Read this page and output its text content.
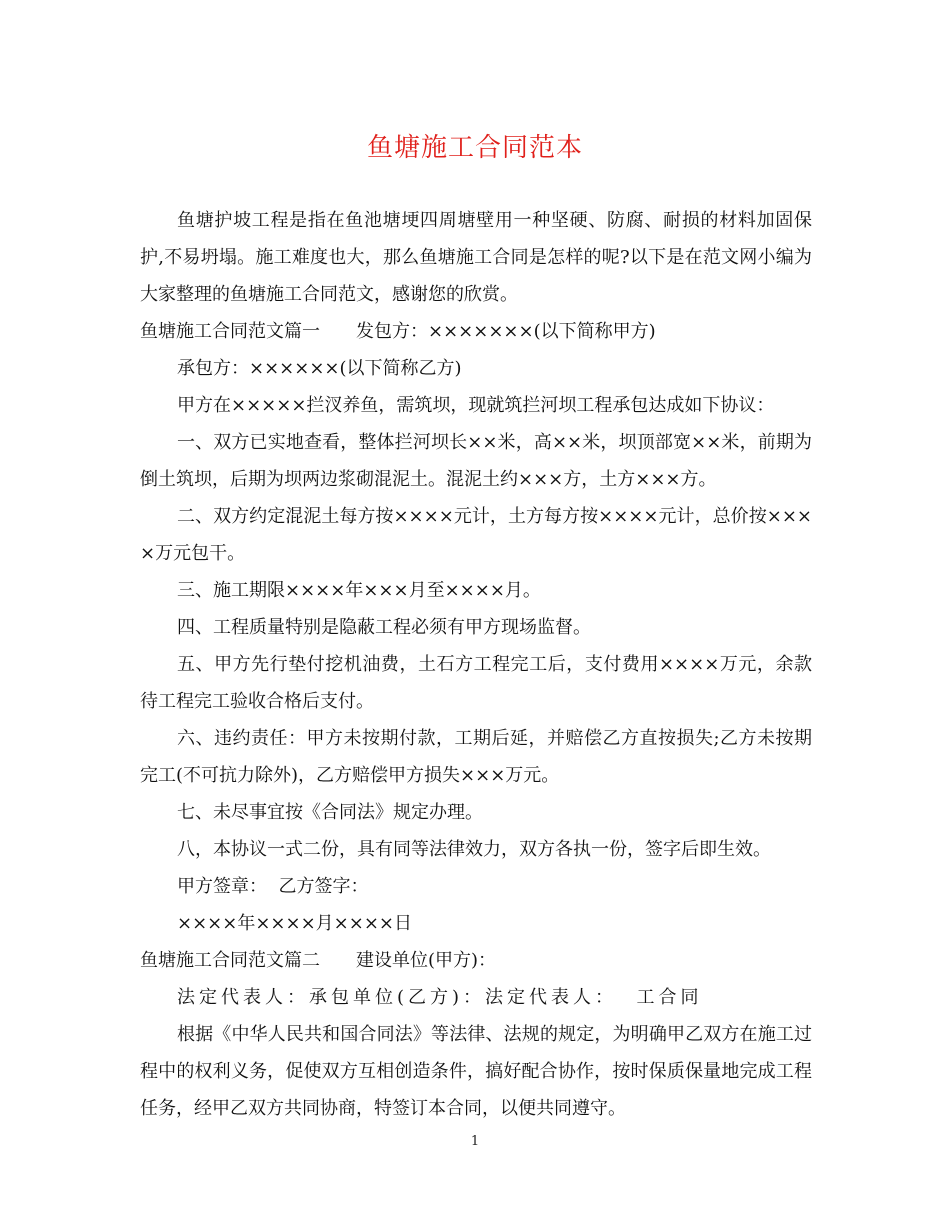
鱼塘施工合同范本

鱼塘护坡工程是指在鱼池塘埂四周塘壁用一种坚硬、防腐、耐损的材料加固保护,不易坍塌。施工难度也大，那么鱼塘施工合同是怎样的呢?以下是在范文网小编为大家整理的鱼塘施工合同范文，感谢您的欣赏。

鱼塘施工合同范文篇一 发包方：×××××××(以下简称甲方)

承包方：××××××(以下简称乙方)

甲方在×××××拦汊养鱼，需筑坝，现就筑拦河坝工程承包达成如下协议：

一、双方已实地查看，整体拦河坝长××米，高××米，坝顶部宽××米，前期为倒土筑坝，后期为坝两边浆砌混泥土。混泥土约×××方，土方×××方。

二、双方约定混泥土每方按××××元计，土方每方按××××元计，总价按××××万元包干。

三、施工期限××××年×××月至××××月。

四、工程质量特别是隐蔽工程必须有甲方现场监督。

五、甲方先行垫付挖机油费，土石方工程完工后，支付费用××××万元，余款待工程完工验收合格后支付。

六、违约责任：甲方未按期付款，工期后延，并赔偿乙方直按损失;乙方未按期完工(不可抗力除外)，乙方赔偿甲方损失×××万元。

七、未尽事宜按《合同法》规定办理。

八，本协议一式二份，具有同等法律效力，双方各执一份，签字后即生效。

甲方签章：  乙方签字：

××××年××××月××××日

鱼塘施工合同范文篇二 建设单位(甲方)：

法定代表人：承包单位(乙方)：法定代表人：  工合同

根据《中华人民共和国合同法》等法律、法规的规定，为明确甲乙双方在施工过程中的权利义务，促使双方互相创造条件，搞好配合协作，按时保质保量地完成工程任务，经甲乙双方共同协商，特签订本合同，以便共同遵守。

1
